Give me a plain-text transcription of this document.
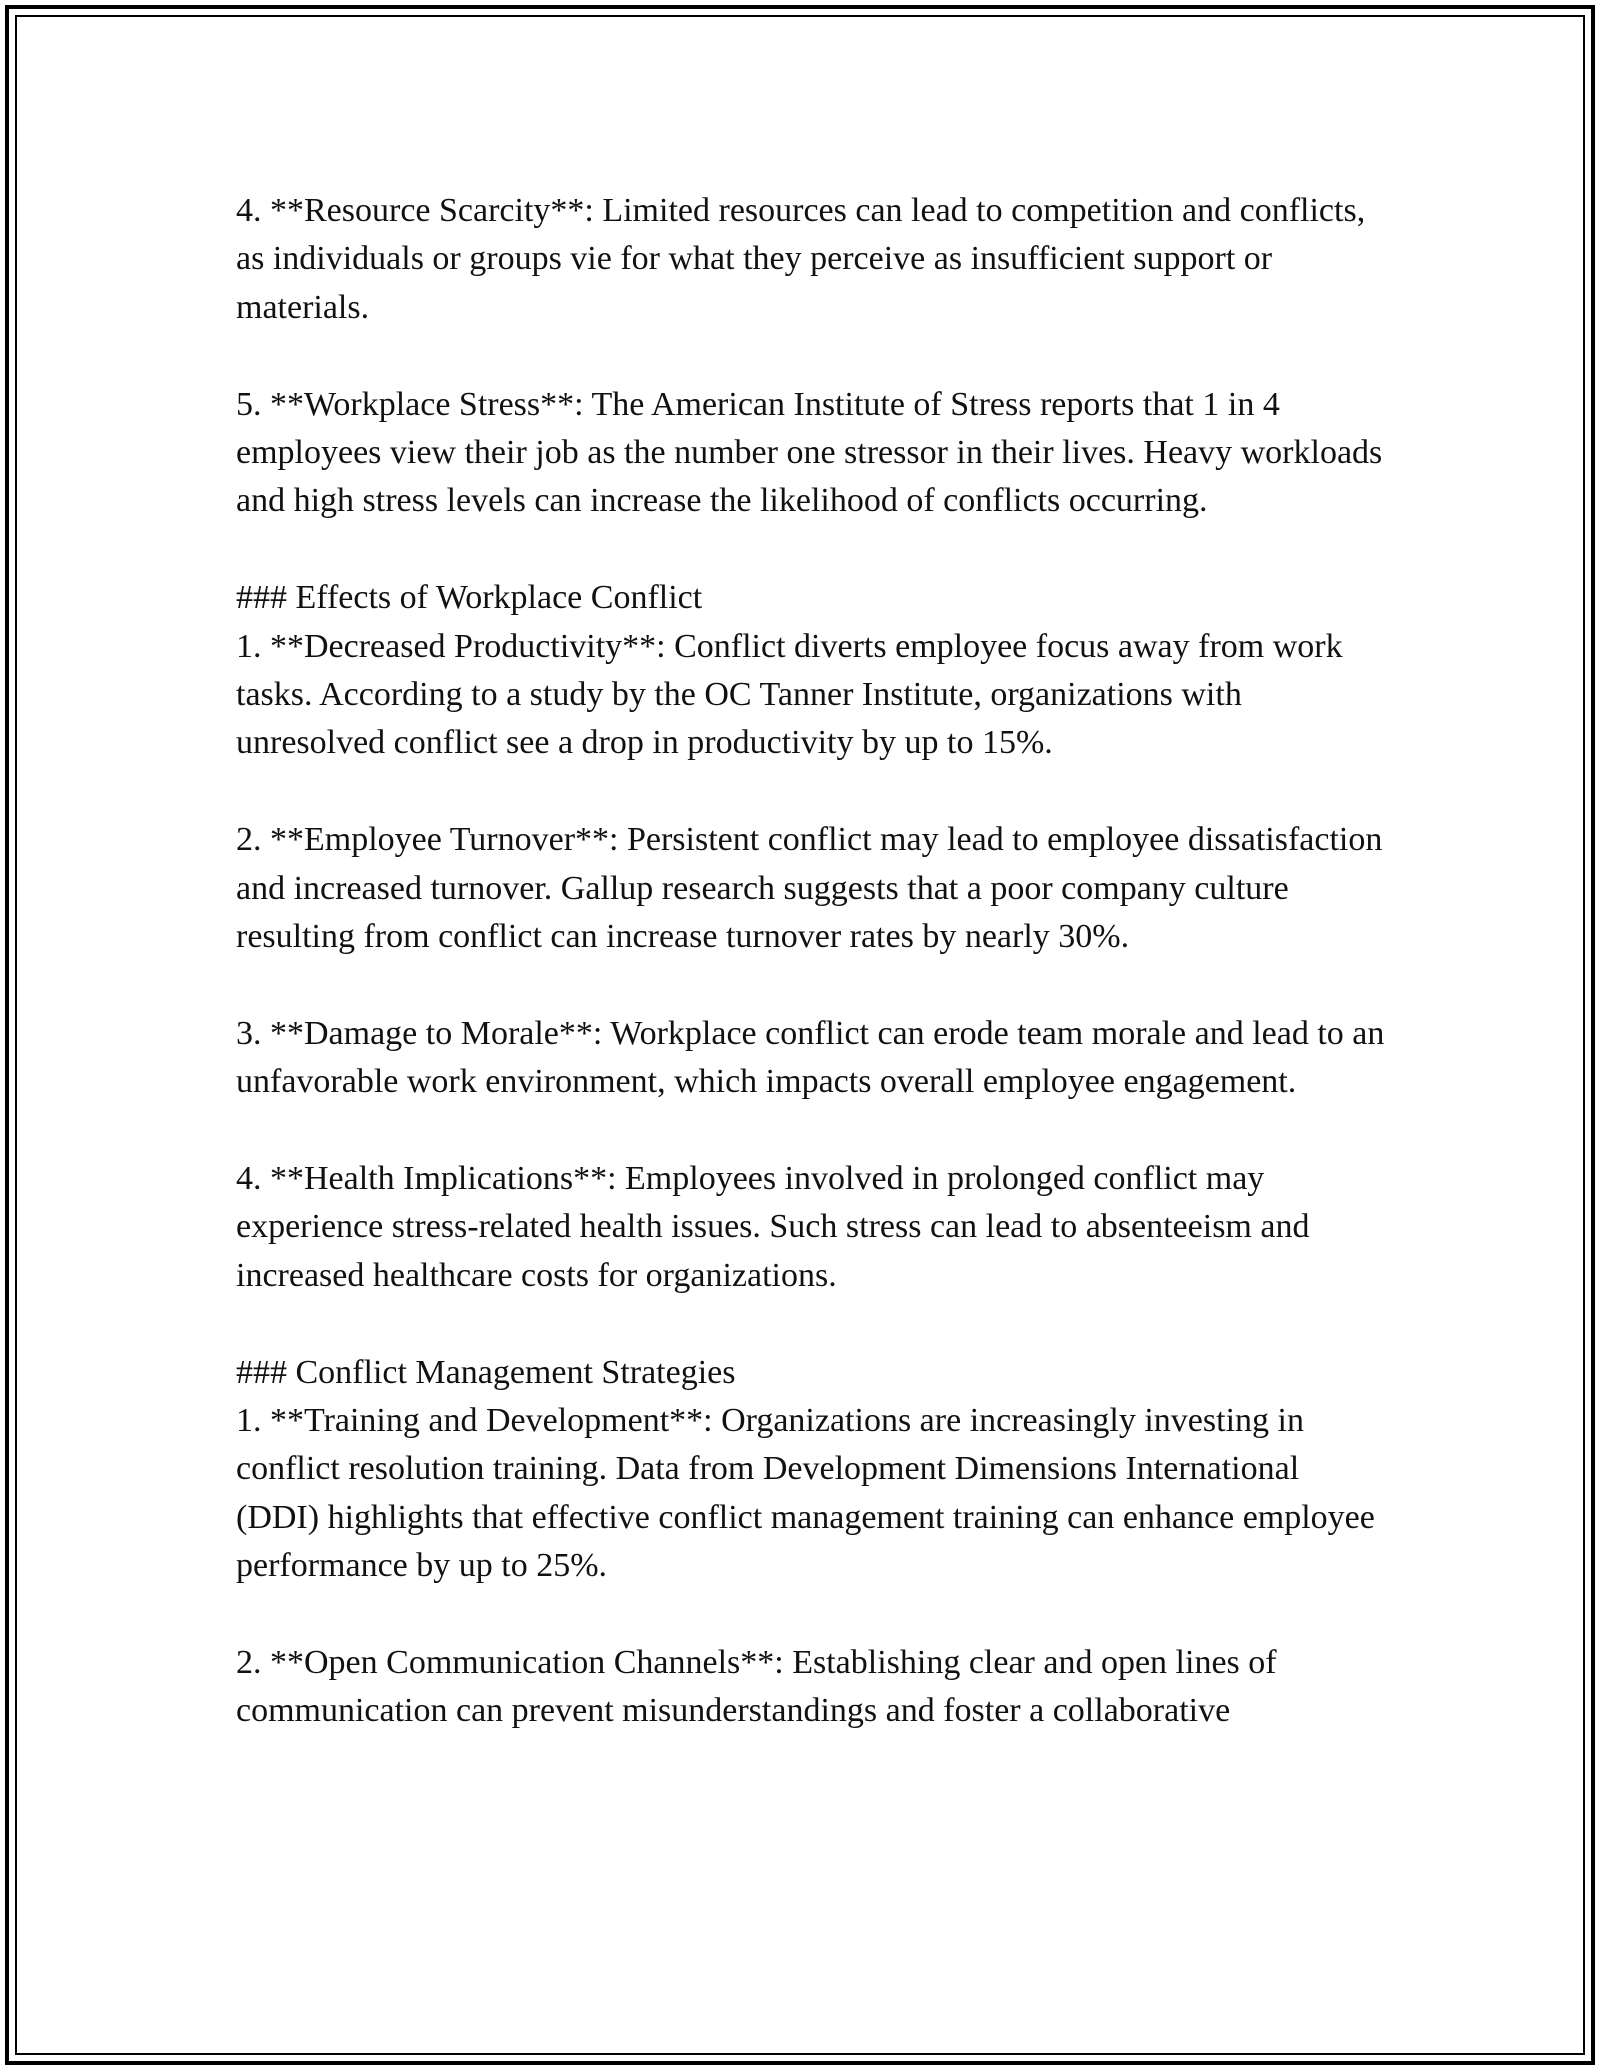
4. **Resource Scarcity**: Limited resources can lead to competition and conflicts, as individuals or groups vie for what they perceive as insufficient support or materials.

5. **Workplace Stress**: The American Institute of Stress reports that 1 in 4 employees view their job as the number one stressor in their lives. Heavy workloads and high stress levels can increase the likelihood of conflicts occurring.

### Effects of Workplace Conflict

1. **Decreased Productivity**: Conflict diverts employee focus away from work tasks. According to a study by the OC Tanner Institute, organizations with unresolved conflict see a drop in productivity by up to 15%.

2. **Employee Turnover**: Persistent conflict may lead to employee dissatisfaction and increased turnover. Gallup research suggests that a poor company culture resulting from conflict can increase turnover rates by nearly 30%.

3. **Damage to Morale**: Workplace conflict can erode team morale and lead to an unfavorable work environment, which impacts overall employee engagement.

4. **Health Implications**: Employees involved in prolonged conflict may experience stress-related health issues. Such stress can lead to absenteeism and increased healthcare costs for organizations.

### Conflict Management Strategies

1. **Training and Development**: Organizations are increasingly investing in conflict resolution training. Data from Development Dimensions International (DDI) highlights that effective conflict management training can enhance employee performance by up to 25%.

2. **Open Communication Channels**: Establishing clear and open lines of communication can prevent misunderstandings and foster a collaborative
